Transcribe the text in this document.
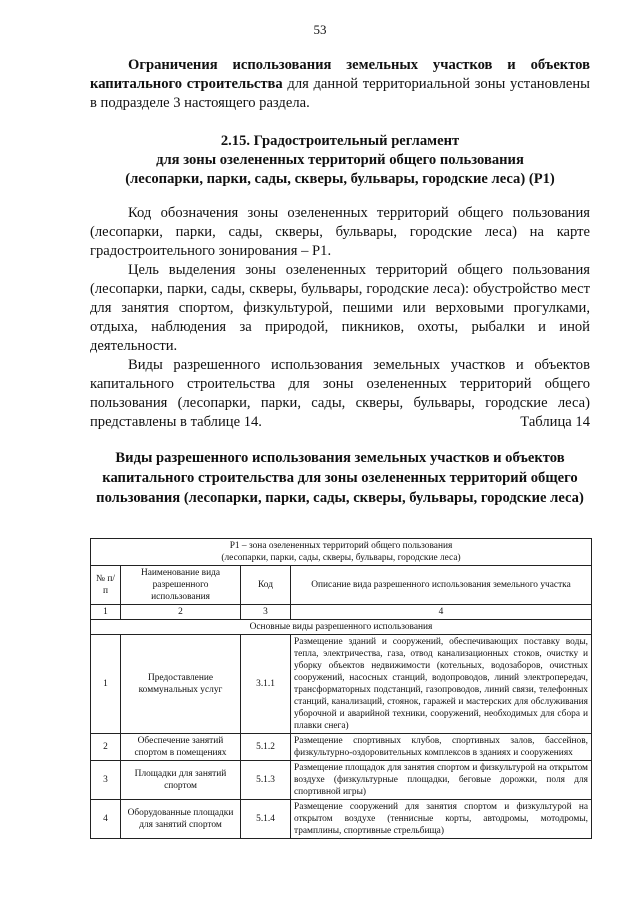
53

Ограничения использования земельных участков и объектов капитального строительства для данной территориальной зоны установлены в подразделе 3 настоящего раздела.

2.15. Градостроительный регламент
для зоны озелененных территорий общего пользования
(лесопарки, парки, сады, скверы, бульвары, городские леса) (Р1)

Код обозначения зоны озелененных территорий общего пользования (лесопарки, парки, сады, скверы, бульвары, городские леса) на карте градостроительного зонирования – Р1.

Цель выделения зоны озелененных территорий общего пользования (лесопарки, парки, сады, скверы, бульвары, городские леса): обустройство мест для занятия спортом, физкультурой, пешими или верховыми прогулками, отдыха, наблюдения за природой, пикников, охоты, рыбалки и иной деятельности.

Виды разрешенного использования земельных участков и объектов капитального строительства для зоны озелененных территорий общего пользования (лесопарки, парки, сады, скверы, бульвары, городские леса) представлены в таблице 14.	Таблица 14
Виды разрешенного использования земельных участков и объектов капитального строительства для зоны озелененных территорий общего пользования (лесопарки, парки, сады, скверы, бульвары, городские леса)
Р1 – зона озелененных территорий общего пользования
(лесопарки, парки, сады, скверы, бульвары, городские леса)			

№ п/п	Наименование вида разрешенного использования	Код	Описание вида разрешенного использования земельного участка
1	2	3	4
Основные виды разрешенного использования			
1	Предоставление коммунальных услуг	3.1.1	Размещение зданий и сооружений, обеспечивающих поставку воды, тепла, электричества, газа, отвод канализационных стоков, очистку и уборку объектов недвижимости (котельных, водозаборов, очистных сооружений, насосных станций, водопроводов, линий электропередач, трансформаторных подстанций, газопроводов, линий связи, телефонных станций, канализаций, стоянок, гаражей и мастерских для обслуживания уборочной и аварийной техники, сооружений, необходимых для сбора и плавки снега)
2	Обеспечение занятий спортом в помещениях	5.1.2	Размещение спортивных клубов, спортивных залов, бассейнов, физкультурно-оздоровительных комплексов в зданиях и сооружениях
3	Площадки для занятий спортом	5.1.3	Размещение площадок для занятия спортом и физкультурой на открытом воздухе (физкультурные площадки, беговые дорожки, поля для спортивной игры)
4	Оборудованные площадки для занятий спортом	5.1.4	Размещение сооружений для занятия спортом и физкультурой на открытом воздухе (теннисные корты, автодромы, мотодромы, трамплины, спортивные стрельбища)
